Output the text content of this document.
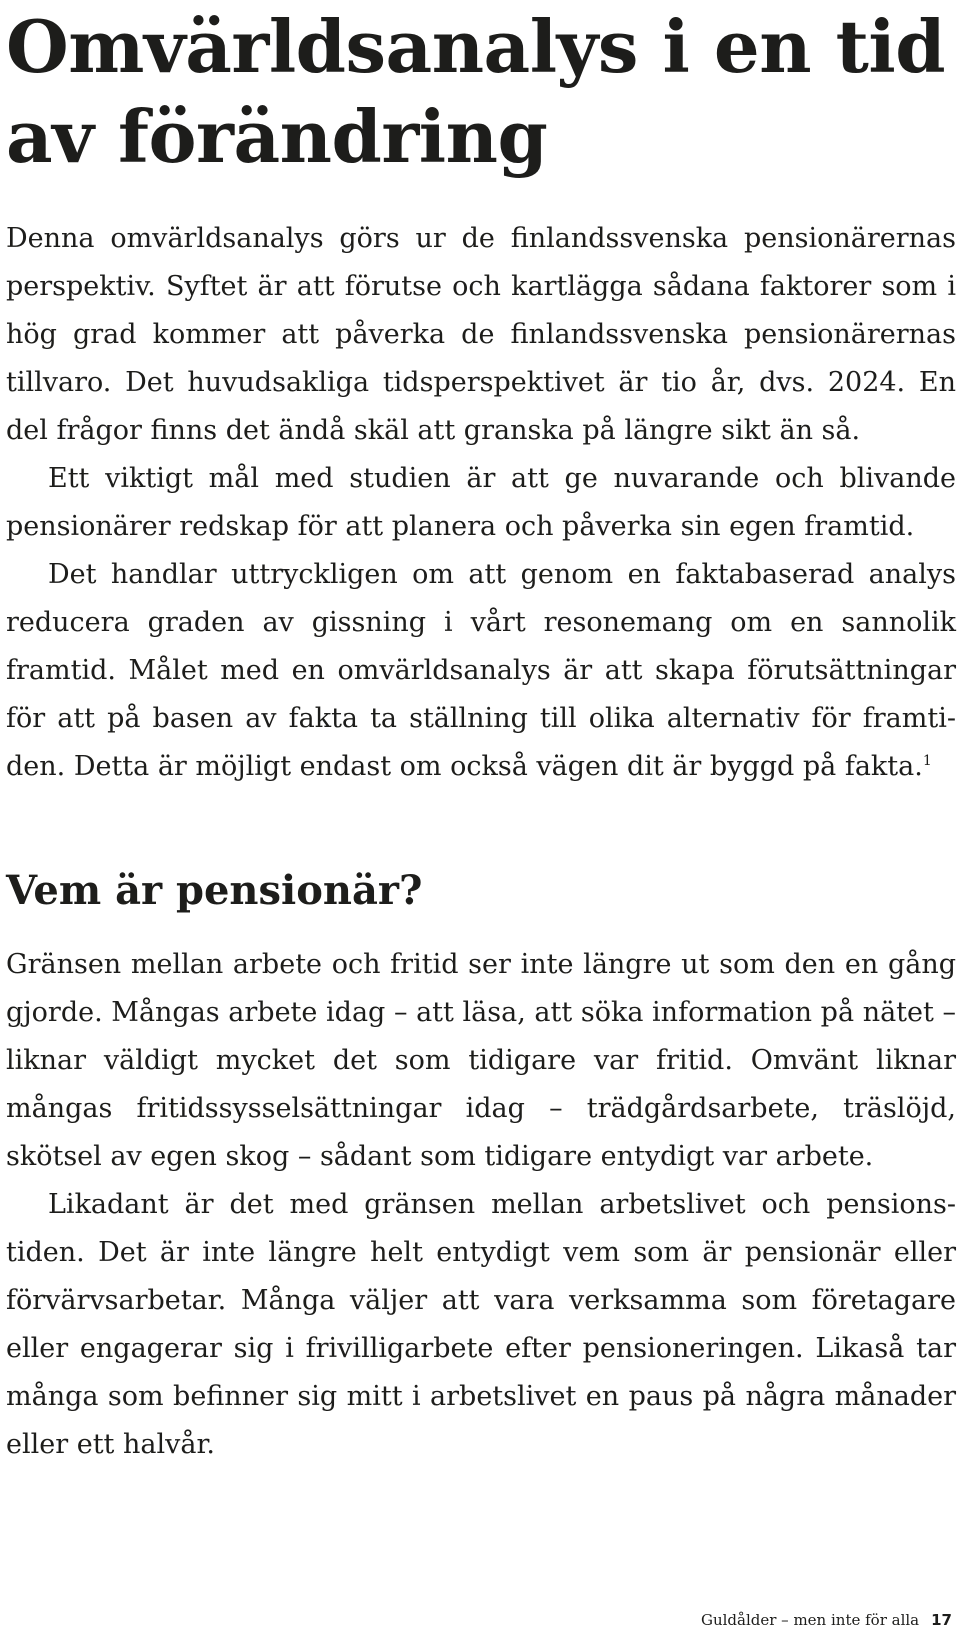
Omvärldsanalys i en tid av förändring

Denna omvärldsanalys görs ur de finlandssvenska pensionärernas perspektiv. Syftet är att förutse och kartlägga sådana faktorer som i hög grad kommer att påverka de finlandssvenska pensionärernas tillvaro. Det huvudsakliga tidsperspektivet är tio år, dvs. 2024. En del frågor finns det ändå skäl att granska på längre sikt än så.

Ett viktigt mål med studien är att ge nuvarande och blivande pensionärer redskap för att planera och påverka sin egen framtid.

Det handlar uttryckligen om att genom en faktabaserad analys reducera graden av gissning i vårt resonemang om en sannolik framtid. Målet med en omvärldsanalys är att skapa förutsättningar för att på basen av fakta ta ställning till olika alternativ för framtiden. Detta är möjligt endast om också vägen dit är byggd på fakta.$^1$

Vem är pensionär?

Gränsen mellan arbete och fritid ser inte längre ut som den en gång gjorde. Mångas arbete idag – att läsa, att söka information på nätet – liknar väldigt mycket det som tidigare var fritid. Omvänt liknar mångas fritidssysselsättningar idag – trädgårdsarbete, träslöjd, skötsel av egen skog – sådant som tidigare entydigt var arbete.

Likadant är det med gränsen mellan arbetslivet och pensionstiden. Det är inte längre helt entydigt vem som är pensionär eller förvärvsarbetar. Många väljer att vara verksamma som företagare eller engagerar sig i frivilligarbete efter pensioneringen. Likaså tar många som befinner sig mitt i arbetslivet en paus på några månader eller ett halvår.

Guldålder – men inte för alla 17
